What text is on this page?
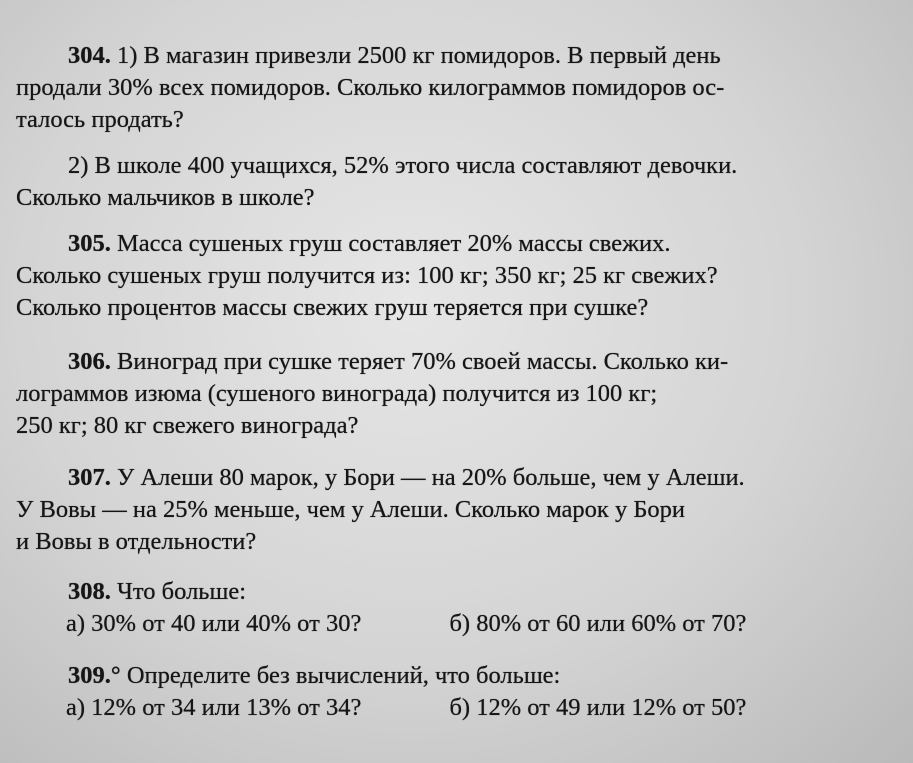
304. 1) В магазин привезли 2500 кг помидоров. В первый день
продали 30% всех помидоров. Сколько килограммов помидоров ос-
талось продать?
2) В школе 400 учащихся, 52% этого числа составляют девочки.
Сколько мальчиков в школе?
305. Масса сушеных груш составляет 20% массы свежих.
Сколько сушеных груш получится из: 100 кг; 350 кг; 25 кг свежих?
Сколько процентов массы свежих груш теряется при сушке?
306. Виноград при сушке теряет 70% своей массы. Сколько ки-
лограммов изюма (сушеного винограда) получится из 100 кг;
250 кг; 80 кг свежего винограда?
307. У Алеши 80 марок, у Бори — на 20% больше, чем у Алеши.
У Вовы — на 25% меньше, чем у Алеши. Сколько марок у Бори
и Вовы в отдельности?
308. Что больше:
а) 30% от 40 или 40% от 30?	б) 80% от 60 или 60% от 70?
309.° Определите без вычислений, что больше:
а) 12% от 34 или 13% от 34?	б) 12% от 49 или 12% от 50?
